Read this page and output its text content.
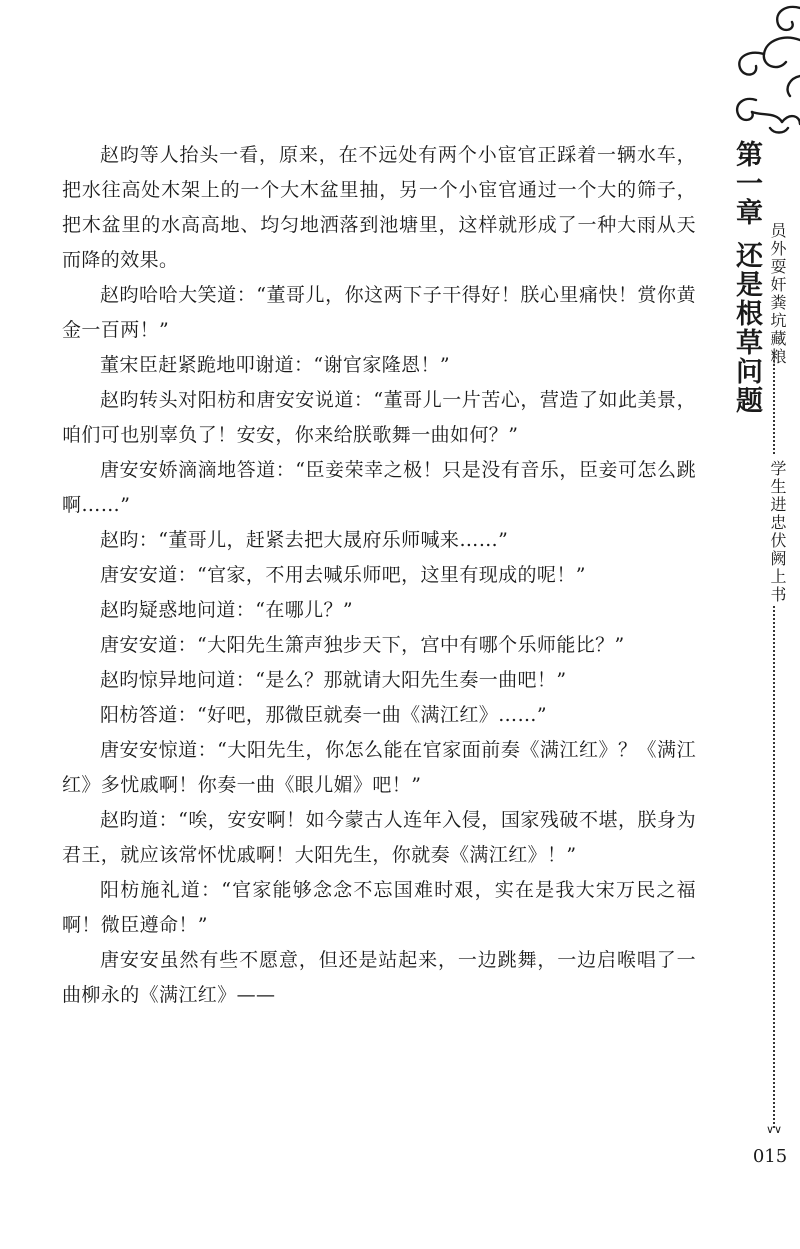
赵昀等人抬头一看，原来，在不远处有两个小宦官正踩着一辆水车，把水往高处木架上的一个大木盆里抽，另一个小宦官通过一个大的筛子，把木盆里的水高高地、均匀地洒落到池塘里，这样就形成了一种大雨从天而降的效果。

赵昀哈哈大笑道：“董哥儿，你这两下子干得好！朕心里痛快！赏你黄金一百两！”

董宋臣赶紧跪地叩谢道：“谢官家隆恩！”

赵昀转头对阳枋和唐安安说道：“董哥儿一片苦心，营造了如此美景，咱们可也别辜负了！安安，你来给朕歌舞一曲如何？”

唐安安娇滴滴地答道：“臣妾荣幸之极！只是没有音乐，臣妾可怎么跳啊……”

赵昀：“董哥儿，赶紧去把大晟府乐师喊来……”

唐安安道：“官家，不用去喊乐师吧，这里有现成的呢！”

赵昀疑惑地问道：“在哪儿？”

唐安安道：“大阳先生箫声独步天下，宫中有哪个乐师能比？”

赵昀惊异地问道：“是么？那就请大阳先生奏一曲吧！”

阳枋答道：“好吧，那微臣就奏一曲《满江红》……”

唐安安惊道：“大阳先生，你怎么能在官家面前奏《满江红》？《满江红》多忧戚啊！你奏一曲《眼儿媚》吧！”

赵昀道：“唉，安安啊！如今蒙古人连年入侵，国家残破不堪，朕身为君王，就应该常怀忧戚啊！大阳先生，你就奏《满江红》！”

阳枋施礼道：“官家能够念念不忘国难时艰，实在是我大宋万民之福啊！微臣遵命！”

唐安安虽然有些不愿意，但还是站起来，一边跳舞，一边启喉唱了一曲柳永的《满江红》——

第一章还是根草问题 员外耍奸粪坑藏粮
学生进忠伏阙上书
∨∨
015
